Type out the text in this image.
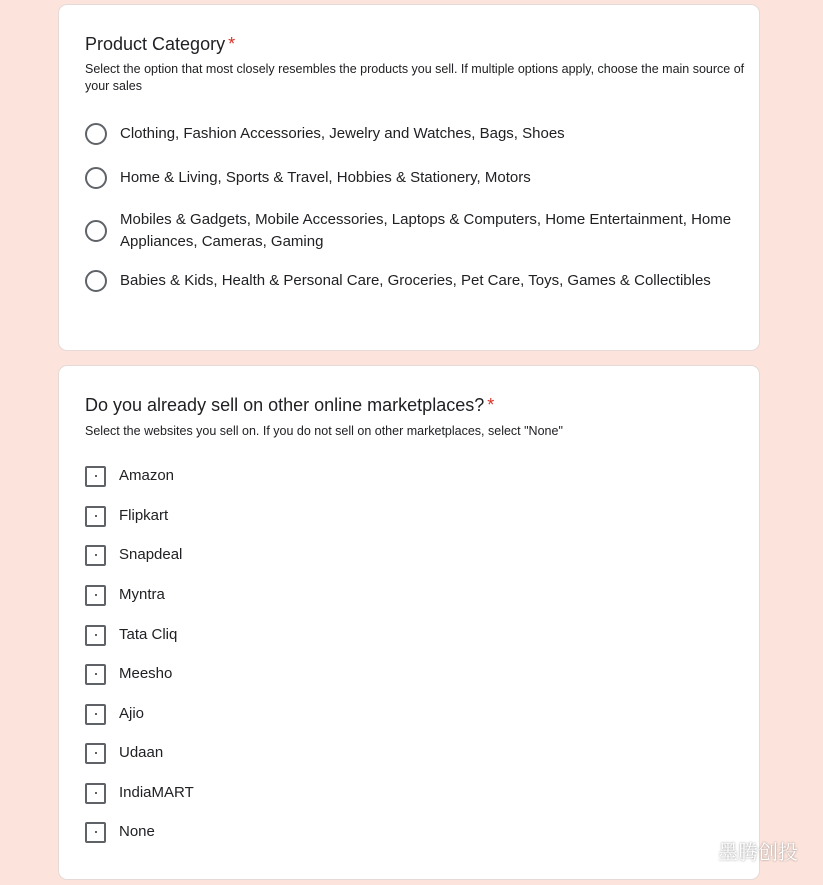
Product Category *
Select the option that most closely resembles the products you sell. If multiple options apply, choose the main source of your sales
Clothing, Fashion Accessories, Jewelry and Watches, Bags, Shoes
Home & Living, Sports & Travel, Hobbies & Stationery, Motors
Mobiles & Gadgets, Mobile Accessories, Laptops & Computers, Home Entertainment, Home Appliances, Cameras, Gaming
Babies & Kids, Health & Personal Care, Groceries, Pet Care, Toys, Games & Collectibles
Do you already sell on other online marketplaces? *
Select the websites you sell on. If you do not sell on other marketplaces, select "None"
Amazon
Flipkart
Snapdeal
Myntra
Tata Cliq
Meesho
Ajio
Udaan
IndiaMART
None
墨腾创投
